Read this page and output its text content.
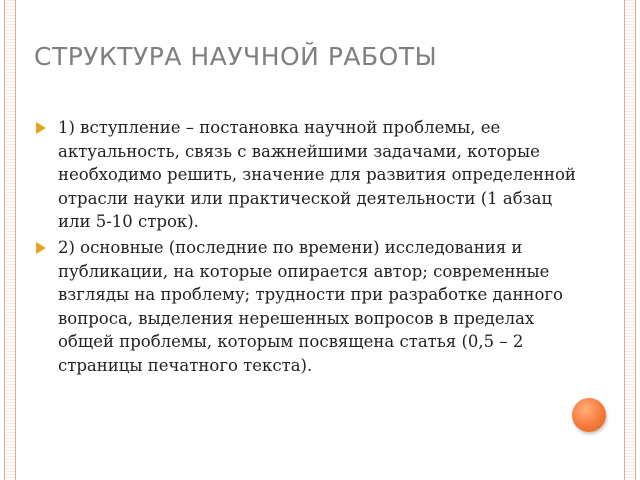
СТРУКТУРА НАУЧНОЙ РАБОТЫ
1) вступление – постановка научной проблемы, ее актуальность, связь с важнейшими задачами, которые необходимо решить, значение для развития определенной отрасли науки или практической деятельности (1 абзац или 5-10 строк).
2) основные (последние по времени) исследования и публикации, на которые опирается автор; современные взгляды на проблему; трудности при разработке данного вопроса, выделения нерешенных вопросов в пределах общей проблемы, которым посвящена статья (0,5 – 2 страницы печатного текста).
